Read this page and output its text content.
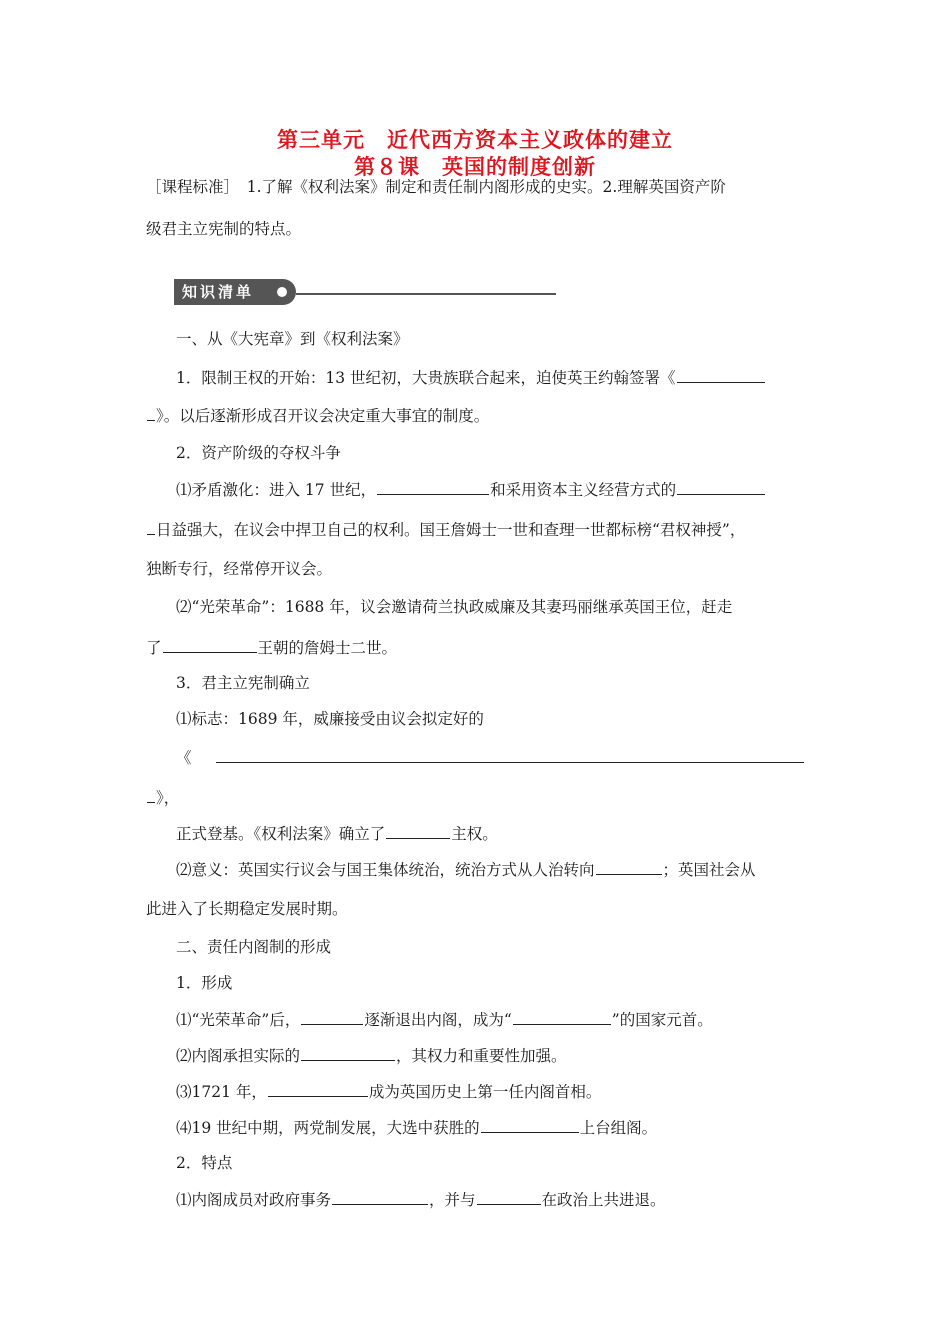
第三单元　近代西方资本主义政体的建立
第８课　英国的制度创新
［课程标准］　1.了解《权利法案》制定和责任制内阁形成的史实。2.理解英国资产阶
级君主立宪制的特点。
知识清单
一、从《大宪章》到《权利法案》
1．限制王权的开始：13 世纪初，大贵族联合起来，迫使英王约翰签署《
》。以后逐渐形成召开议会决定重大事宜的制度。
2．资产阶级的夺权斗争
⑴矛盾激化：进入 17 世纪，	和采用资本主义经营方式的
日益强大，在议会中捍卫自己的权利。国王詹姆士一世和查理一世都标榜“君权神授”，
独断专行，经常停开议会。
⑵“光荣革命”：1688 年，议会邀请荷兰执政威廉及其妻玛丽继承英国王位，赶走
了	王朝的詹姆士二世。
3．君主立宪制确立
⑴标志：1689 年，威廉接受由议会拟定好的
《
》，
正式登基。《权利法案》确立了	主权。
⑵意义：英国实行议会与国王集体统治，统治方式从人治转向	；英国社会从
此进入了长期稳定发展时期。
二、责任内阁制的形成
1．形成
⑴“光荣革命”后，	逐渐退出内阁，成为“	”的国家元首。
⑵内阁承担实际的	，其权力和重要性加强。
⑶1721 年，	成为英国历史上第一任内阁首相。
⑷19 世纪中期，两党制发展，大选中获胜的	上台组阁。
2．特点
⑴内阁成员对政府事务	，并与	在政治上共进退。
